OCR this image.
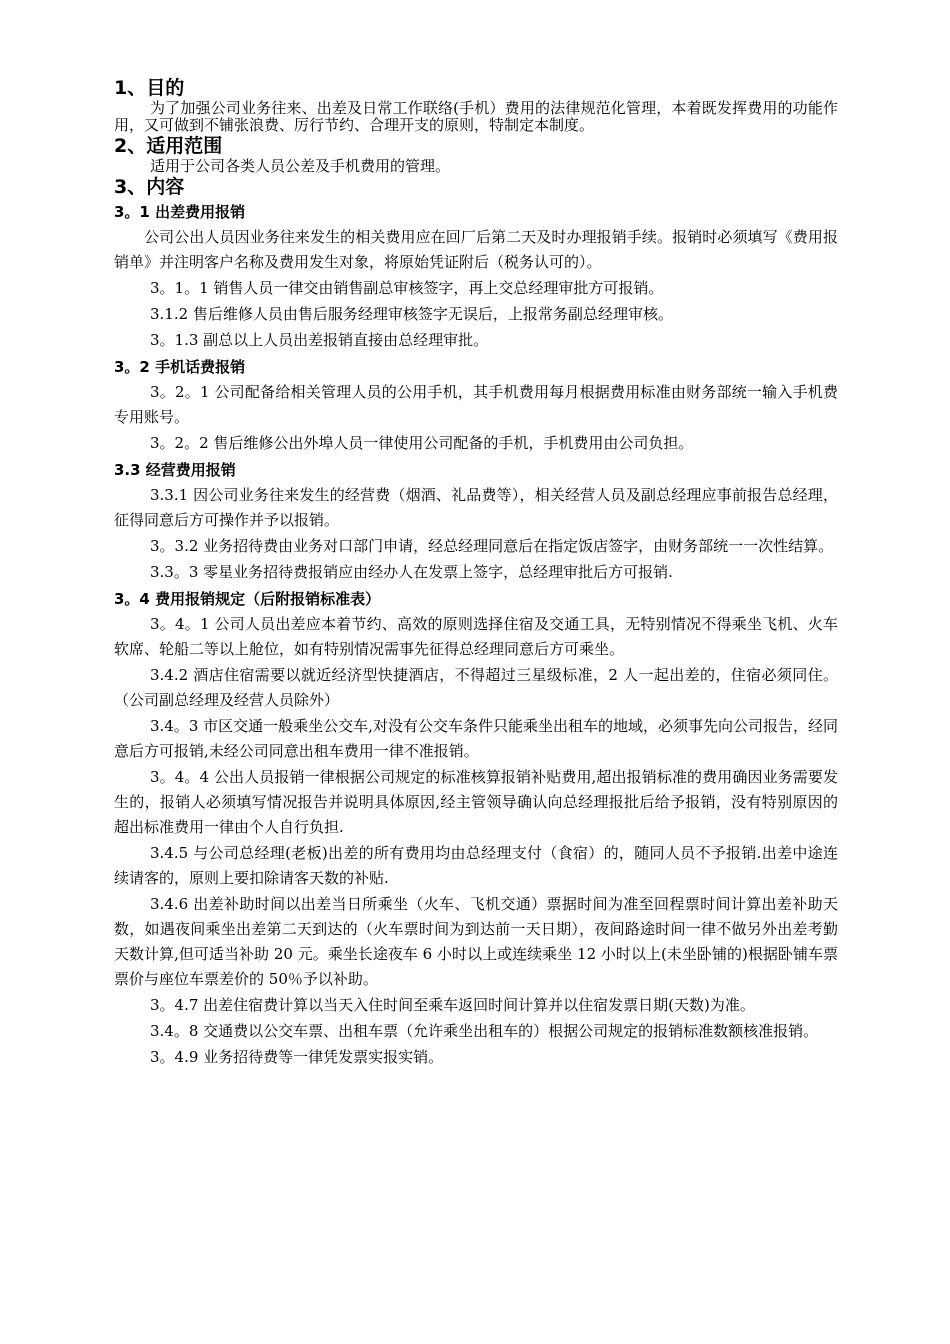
1、目的

为了加强公司业务往来、出差及日常工作联络(手机）费用的法律规范化管理，本着既发挥费用的功能作用，又可做到不铺张浪费、厉行节约、合理开支的原则，特制定本制度。

2、适用范围

适用于公司各类人员公差及手机费用的管理。

3、内容
3。1 出差费用报销

公司公出人员因业务往来发生的相关费用应在回厂后第二天及时办理报销手续。报销时必须填写《费用报销单》并注明客户名称及费用发生对象，将原始凭证附后（税务认可的）。

3。1。1 销售人员一律交由销售副总审核签字，再上交总经理审批方可报销。

3.1.2 售后维修人员由售后服务经理审核签字无误后，上报常务副总经理审核。

3。1.3 副总以上人员出差报销直接由总经理审批。

3。2 手机话费报销

3。2。1 公司配备给相关管理人员的公用手机，其手机费用每月根据费用标准由财务部统一输入手机费专用账号。

3。2。2 售后维修公出外埠人员一律使用公司配备的手机，手机费用由公司负担。

3.3 经营费用报销

3.3.1 因公司业务往来发生的经营费（烟酒、礼品费等），相关经营人员及副总经理应事前报告总经理，征得同意后方可操作并予以报销。

3。3.2 业务招待费由业务对口部门申请，经总经理同意后在指定饭店签字，由财务部统一一次性结算。

3.3。3 零星业务招待费报销应由经办人在发票上签字，总经理审批后方可报销.

3。4 费用报销规定（后附报销标准表）

3。4。1 公司人员出差应本着节约、高效的原则选择住宿及交通工具，无特别情况不得乘坐飞机、火车软席、轮船二等以上舱位，如有特别情况需事先征得总经理同意后方可乘坐。

3.4.2 酒店住宿需要以就近经济型快捷酒店，不得超过三星级标准，2 人一起出差的，住宿必须同住。（公司副总经理及经营人员除外）

3.4。3 市区交通一般乘坐公交车,对没有公交车条件只能乘坐出租车的地域，必须事先向公司报告，经同意后方可报销,未经公司同意出租车费用一律不准报销。

3。4。4 公出人员报销一律根据公司规定的标准核算报销补贴费用,超出报销标准的费用确因业务需要发生的，报销人必须填写情况报告并说明具体原因,经主管领导确认向总经理报批后给予报销，没有特别原因的超出标准费用一律由个人自行负担.

3.4.5 与公司总经理(老板)出差的所有费用均由总经理支付（食宿）的，随同人员不予报销.出差中途连续请客的，原则上要扣除请客天数的补贴.

3.4.6 出差补助时间以出差当日所乘坐（火车、飞机交通）票据时间为准至回程票时间计算出差补助天数，如遇夜间乘坐出差第二天到达的（火车票时间为到达前一天日期），夜间路途时间一律不做另外出差考勤天数计算,但可适当补助 20 元。乘坐长途夜车 6 小时以上或连续乘坐 12 小时以上(未坐卧铺的)根据卧铺车票票价与座位车票差价的 50％予以补助。

3。4.7 出差住宿费计算以当天入住时间至乘车返回时间计算并以住宿发票日期(天数)为准。

3.4。8 交通费以公交车票、出租车票（允许乘坐出租车的）根据公司规定的报销标准数额核准报销。

3。4.9 业务招待费等一律凭发票实报实销。
